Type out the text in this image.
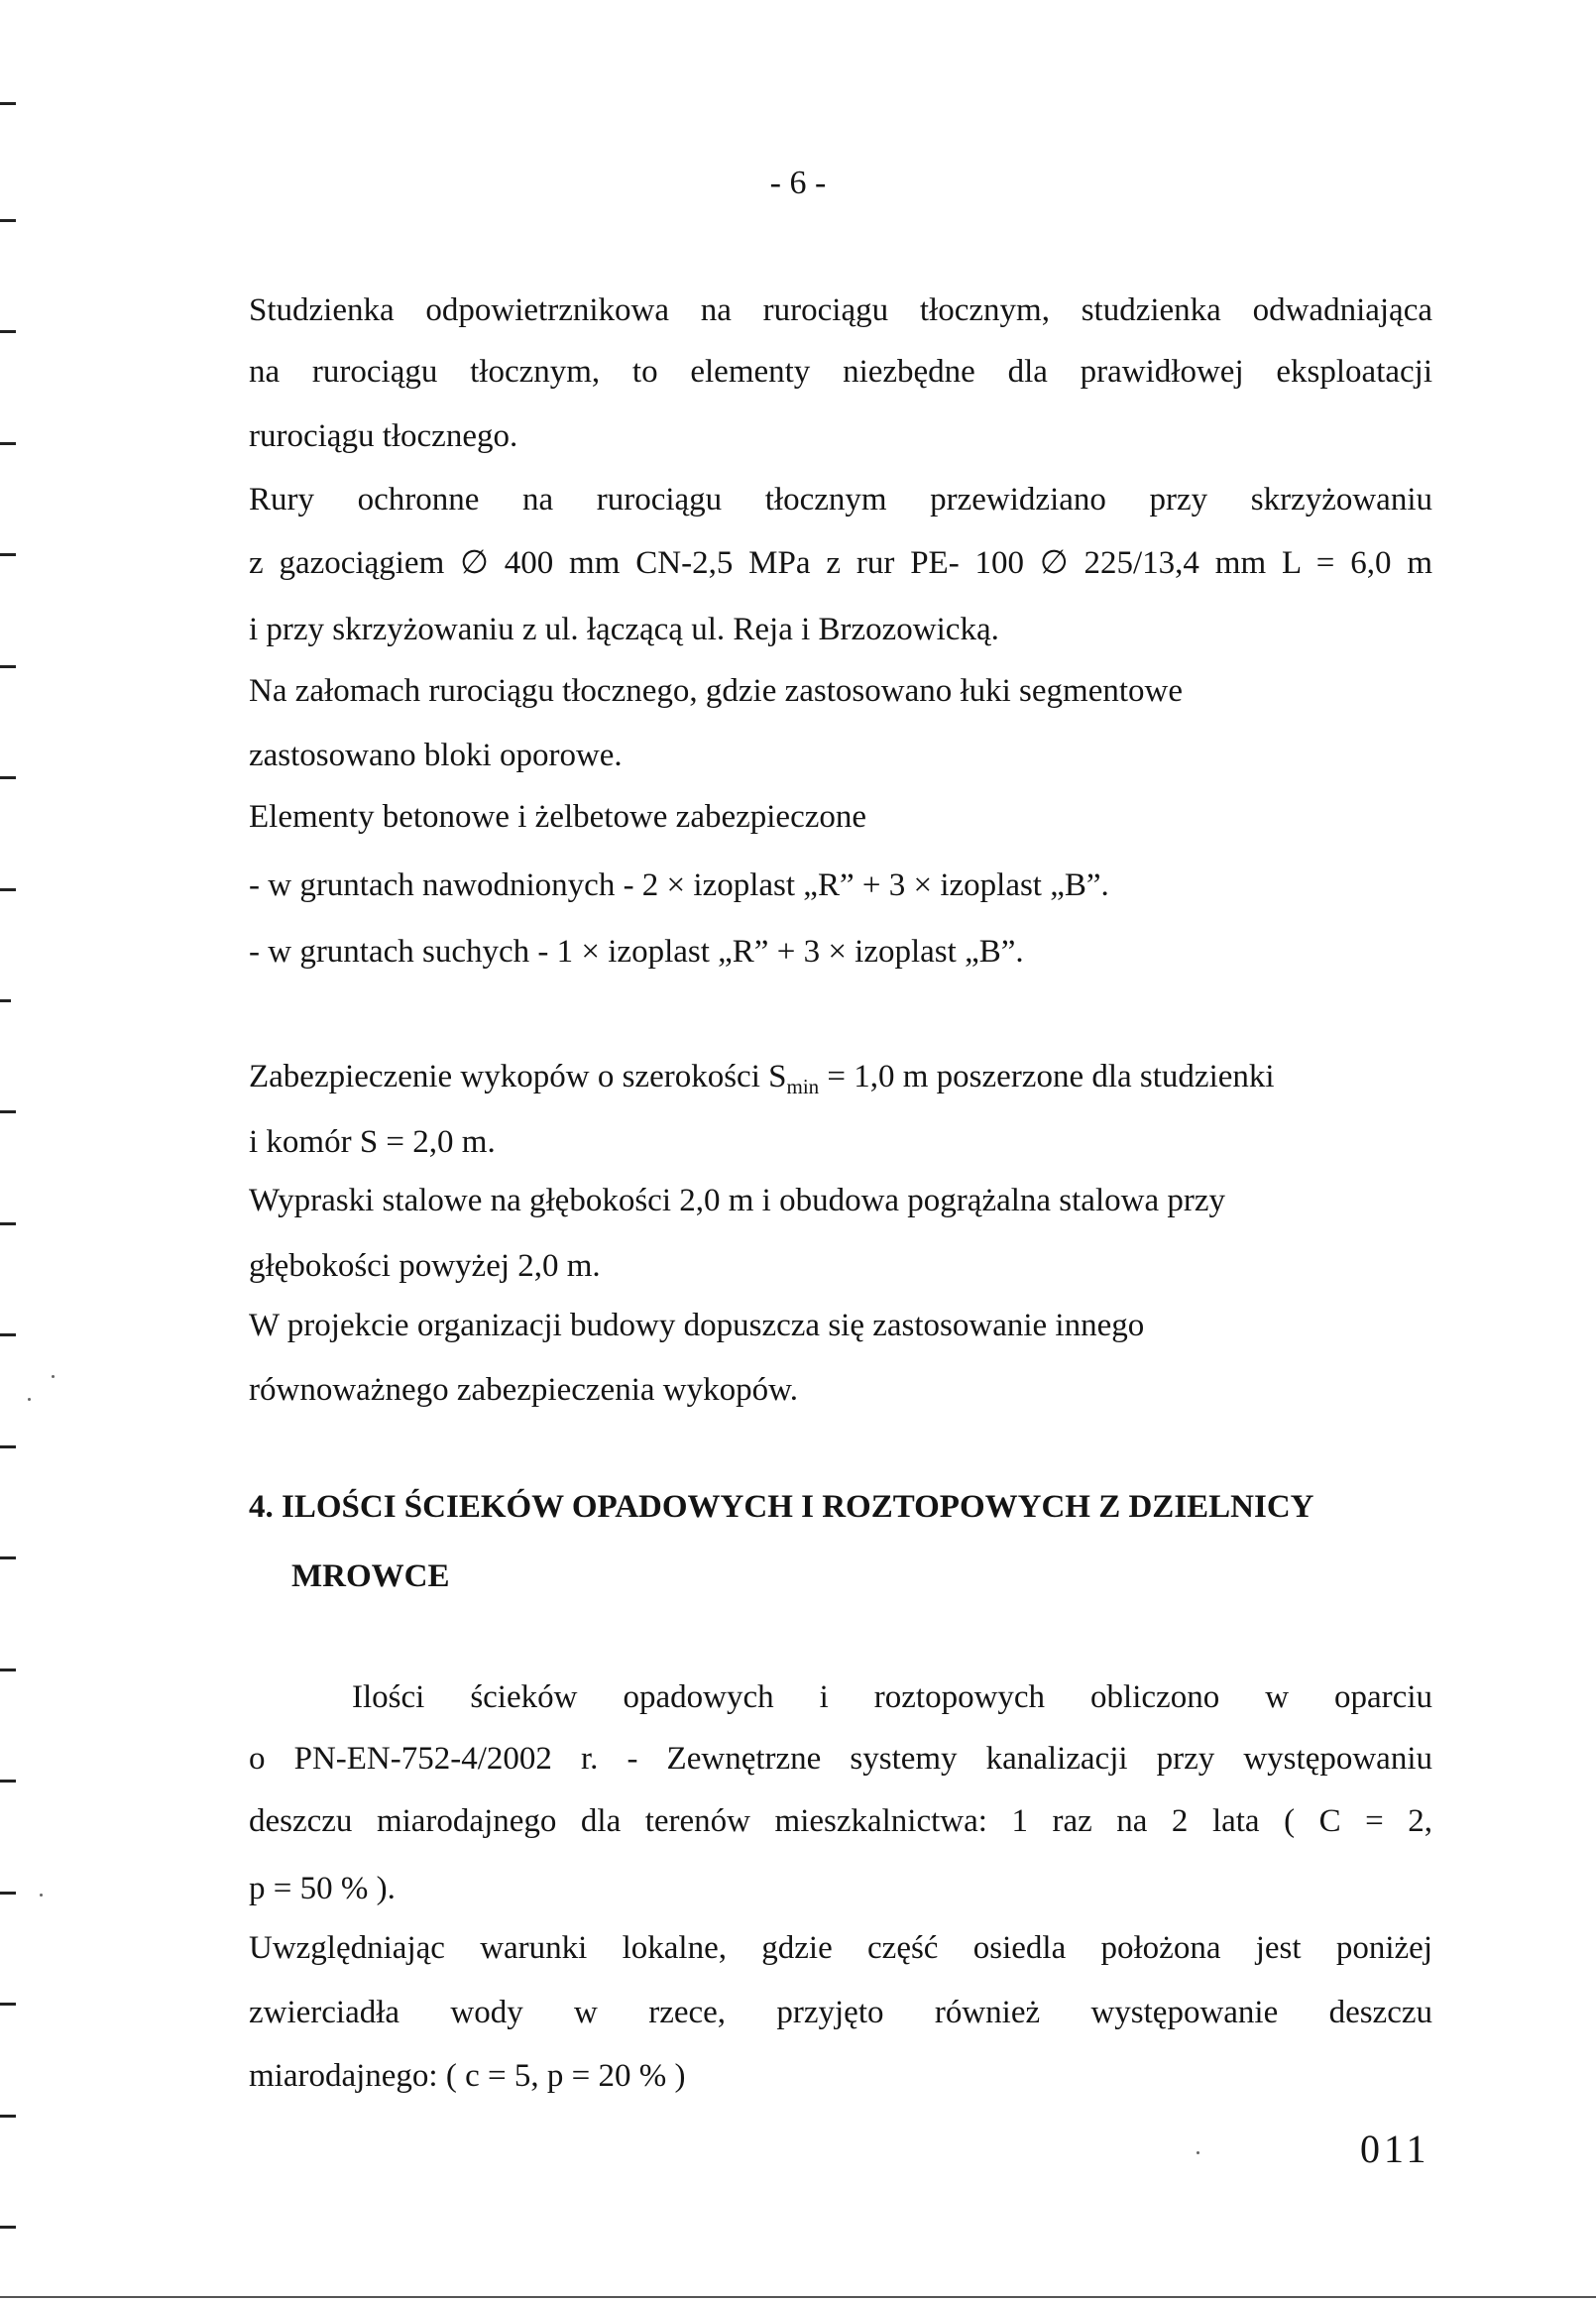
- 6 -
Studzienka odpowietrznikowa na rurociągu tłocznym, studzienka odwadniająca
na rurociągu tłocznym, to elementy niezbędne dla prawidłowej eksploatacji
rurociągu tłocznego.
Rury ochronne na rurociągu tłocznym przewidziano przy skrzyżowaniu
z gazociągiem ∅ 400 mm CN-2,5 MPa z rur PE- 100 ∅ 225/13,4 mm L = 6,0 m
i przy skrzyżowaniu z ul. łączącą ul. Reja i Brzozowicką.
Na załomach rurociągu tłocznego, gdzie zastosowano łuki segmentowe
zastosowano bloki oporowe.
Elementy betonowe i żelbetowe zabezpieczone
- w gruntach nawodnionych - 2 × izoplast „R” + 3 × izoplast „B”.
- w gruntach suchych - 1 × izoplast „R” + 3 × izoplast „B”.
Zabezpieczenie wykopów o szerokości $S_{min} = 1,0$ m poszerzone dla studzienki
i komór S = 2,0 m.
Wypraski stalowe na głębokości 2,0 m i obudowa pogrążalna stalowa przy
głębokości powyżej 2,0 m.
W projekcie organizacji budowy dopuszcza się zastosowanie innego
równoważnego zabezpieczenia wykopów.
4. ILOŚCI ŚCIEKÓW OPADOWYCH I ROZTOPOWYCH Z DZIELNICY
MROWCE
Ilości ścieków opadowych i roztopowych obliczono w oparciu
o PN-EN-752-4/2002 r. - Zewnętrzne systemy kanalizacji przy występowaniu
deszczu miarodajnego dla terenów mieszkalnictwa: 1 raz na 2 lata ( C = 2,
p = 50 % ).
Uwzględniając warunki lokalne, gdzie część osiedla położona jest poniżej
zwierciadła wody w rzece, przyjęto również występowanie deszczu
miarodajnego: ( c = 5, p = 20 % )
011
